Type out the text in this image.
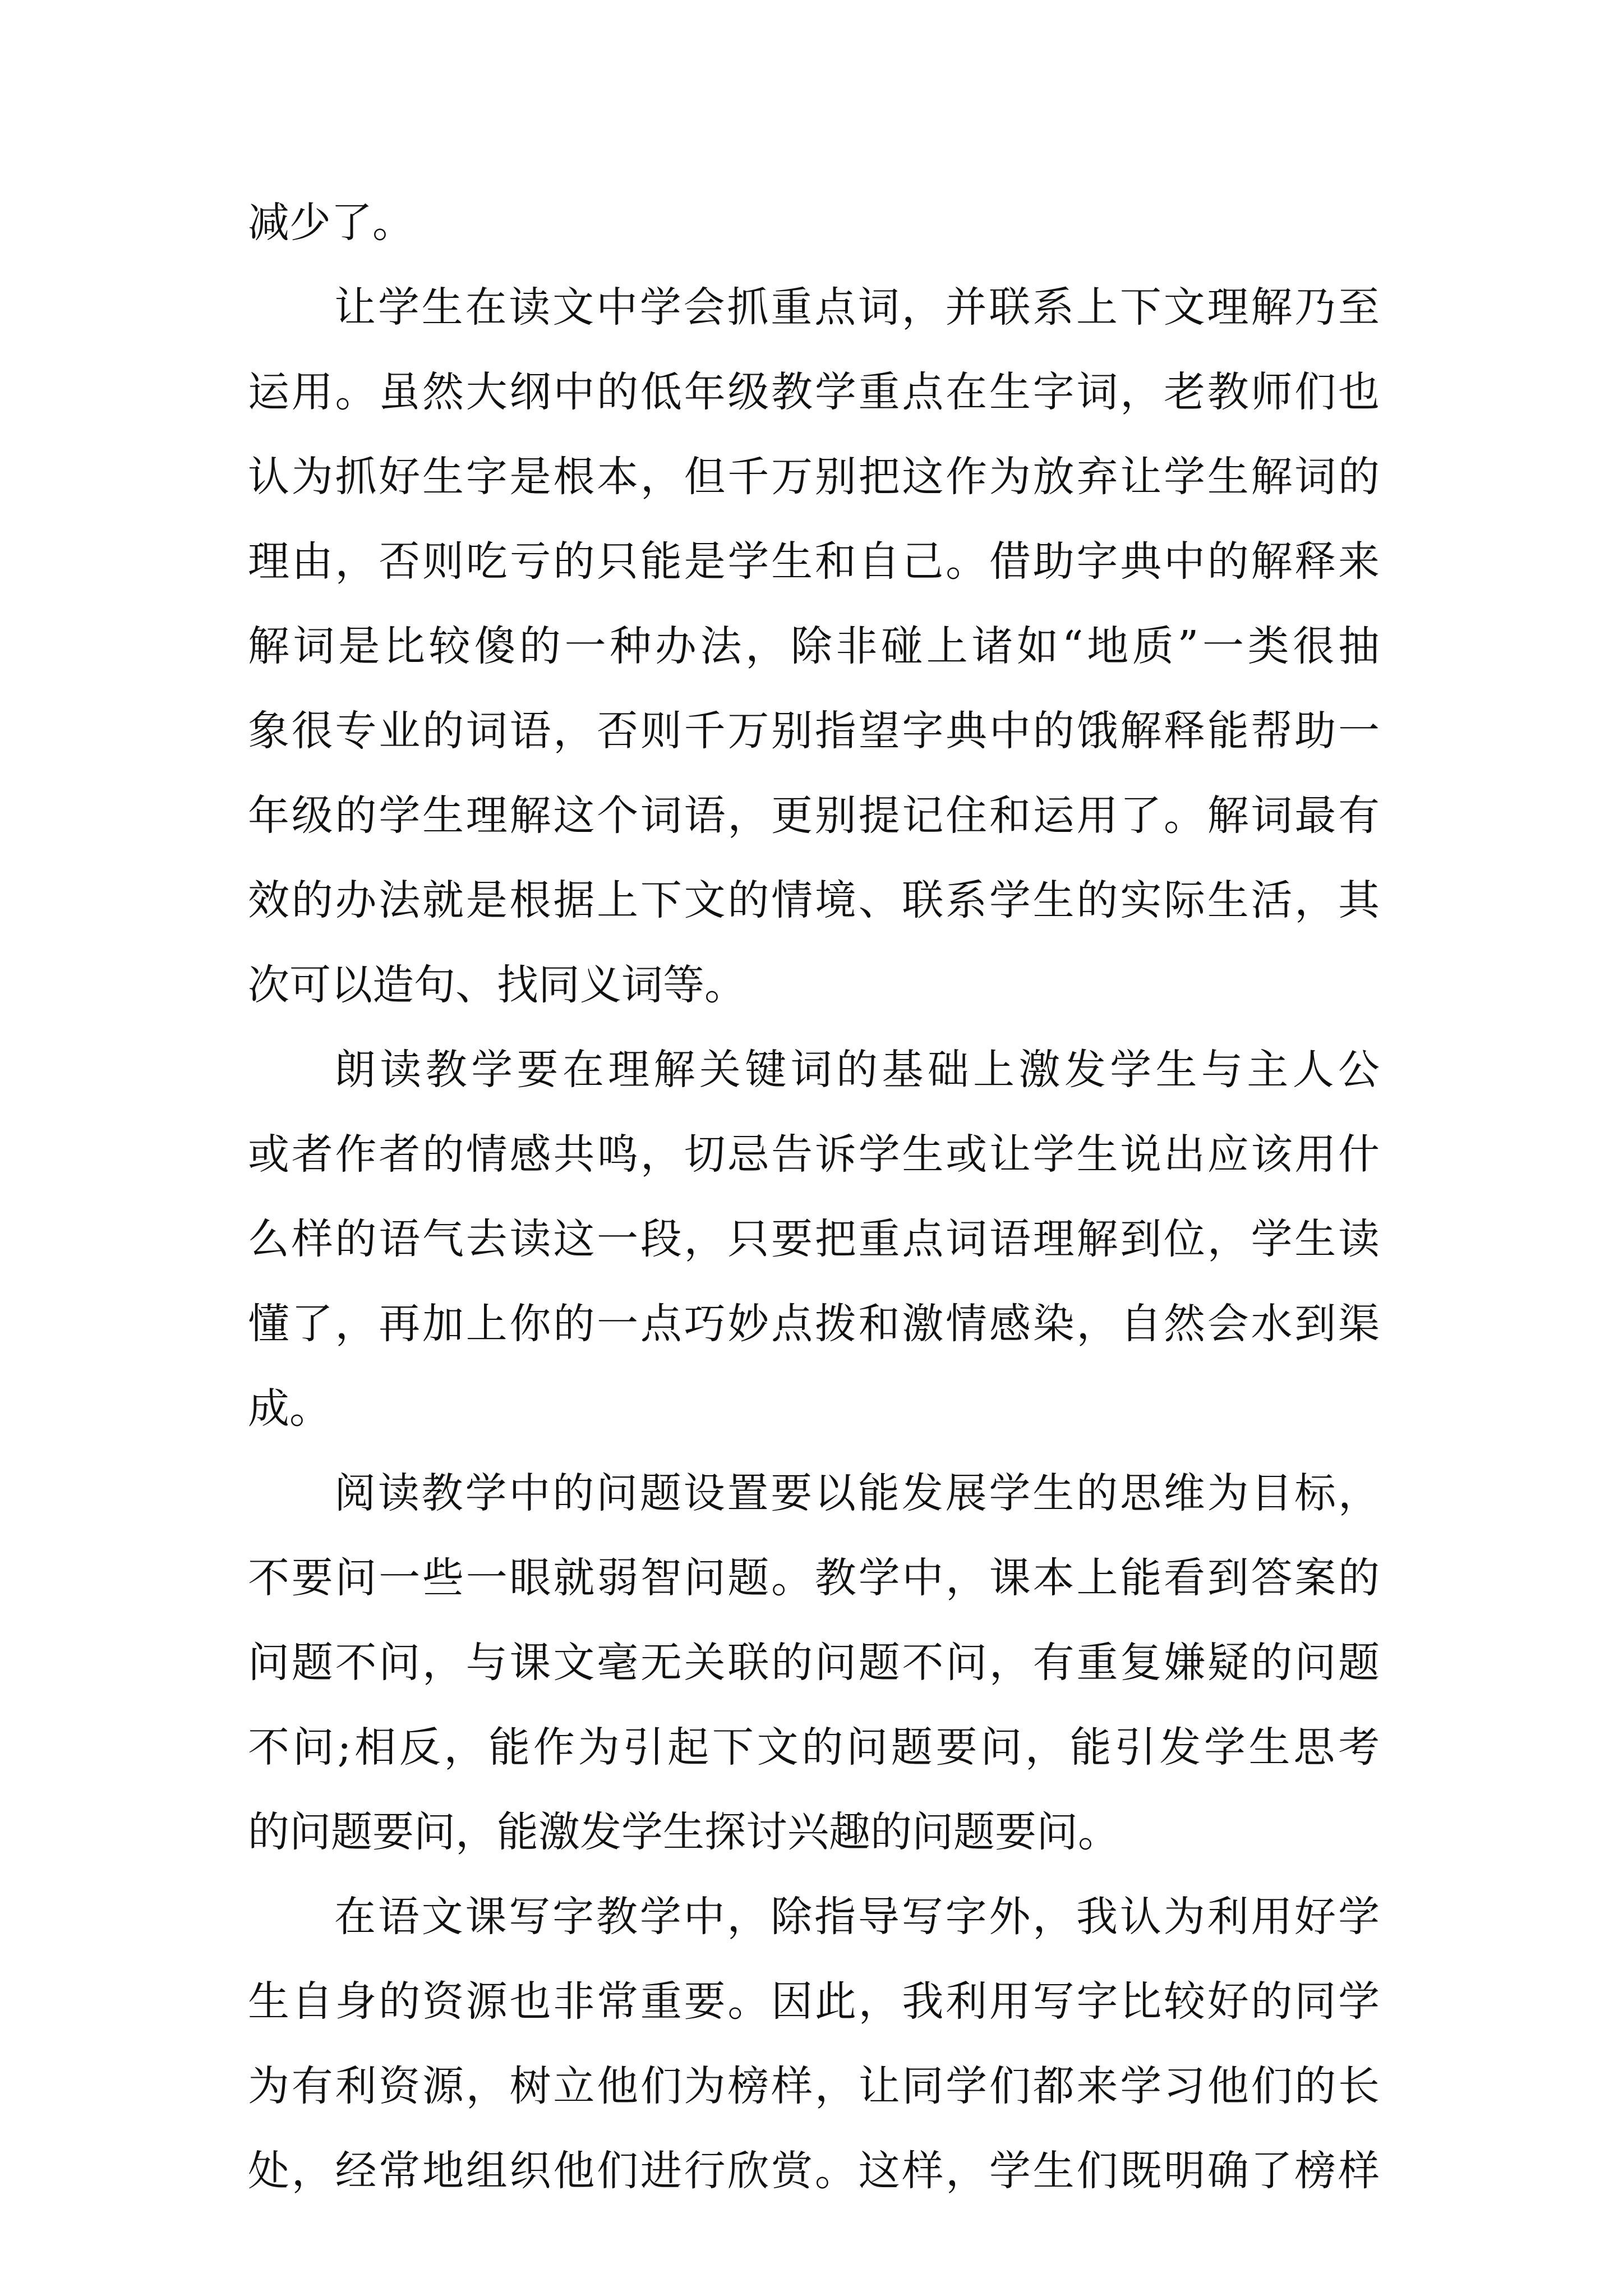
减少了。

让学生在读文中学会抓重点词，并联系上下文理解乃至

运用。虽然大纲中的低年级教学重点在生字词，老教师们也

认为抓好生字是根本，但千万别把这作为放弃让学生解词的

理由，否则吃亏的只能是学生和自己。借助字典中的解释来

解词是比较傻的一种办法，除非碰上诸如“地质”一类很抽

象很专业的词语，否则千万别指望字典中的饿解释能帮助一

年级的学生理解这个词语，更别提记住和运用了。解词最有

效的办法就是根据上下文的情境、联系学生的实际生活，其

次可以造句、找同义词等。

朗读教学要在理解关键词的基础上激发学生与主人公

或者作者的情感共鸣，切忌告诉学生或让学生说出应该用什

么样的语气去读这一段，只要把重点词语理解到位，学生读

懂了，再加上你的一点巧妙点拨和激情感染，自然会水到渠

成。

阅读教学中的问题设置要以能发展学生的思维为目标，

不要问一些一眼就弱智问题。教学中，课本上能看到答案的

问题不问，与课文毫无关联的问题不问，有重复嫌疑的问题

不问;相反，能作为引起下文的问题要问，能引发学生思考

的问题要问，能激发学生探讨兴趣的问题要问。

在语文课写字教学中，除指导写字外，我认为利用好学

生自身的资源也非常重要。因此，我利用写字比较好的同学

为有利资源，树立他们为榜样，让同学们都来学习他们的长

处，经常地组织他们进行欣赏。这样，学生们既明确了榜样
